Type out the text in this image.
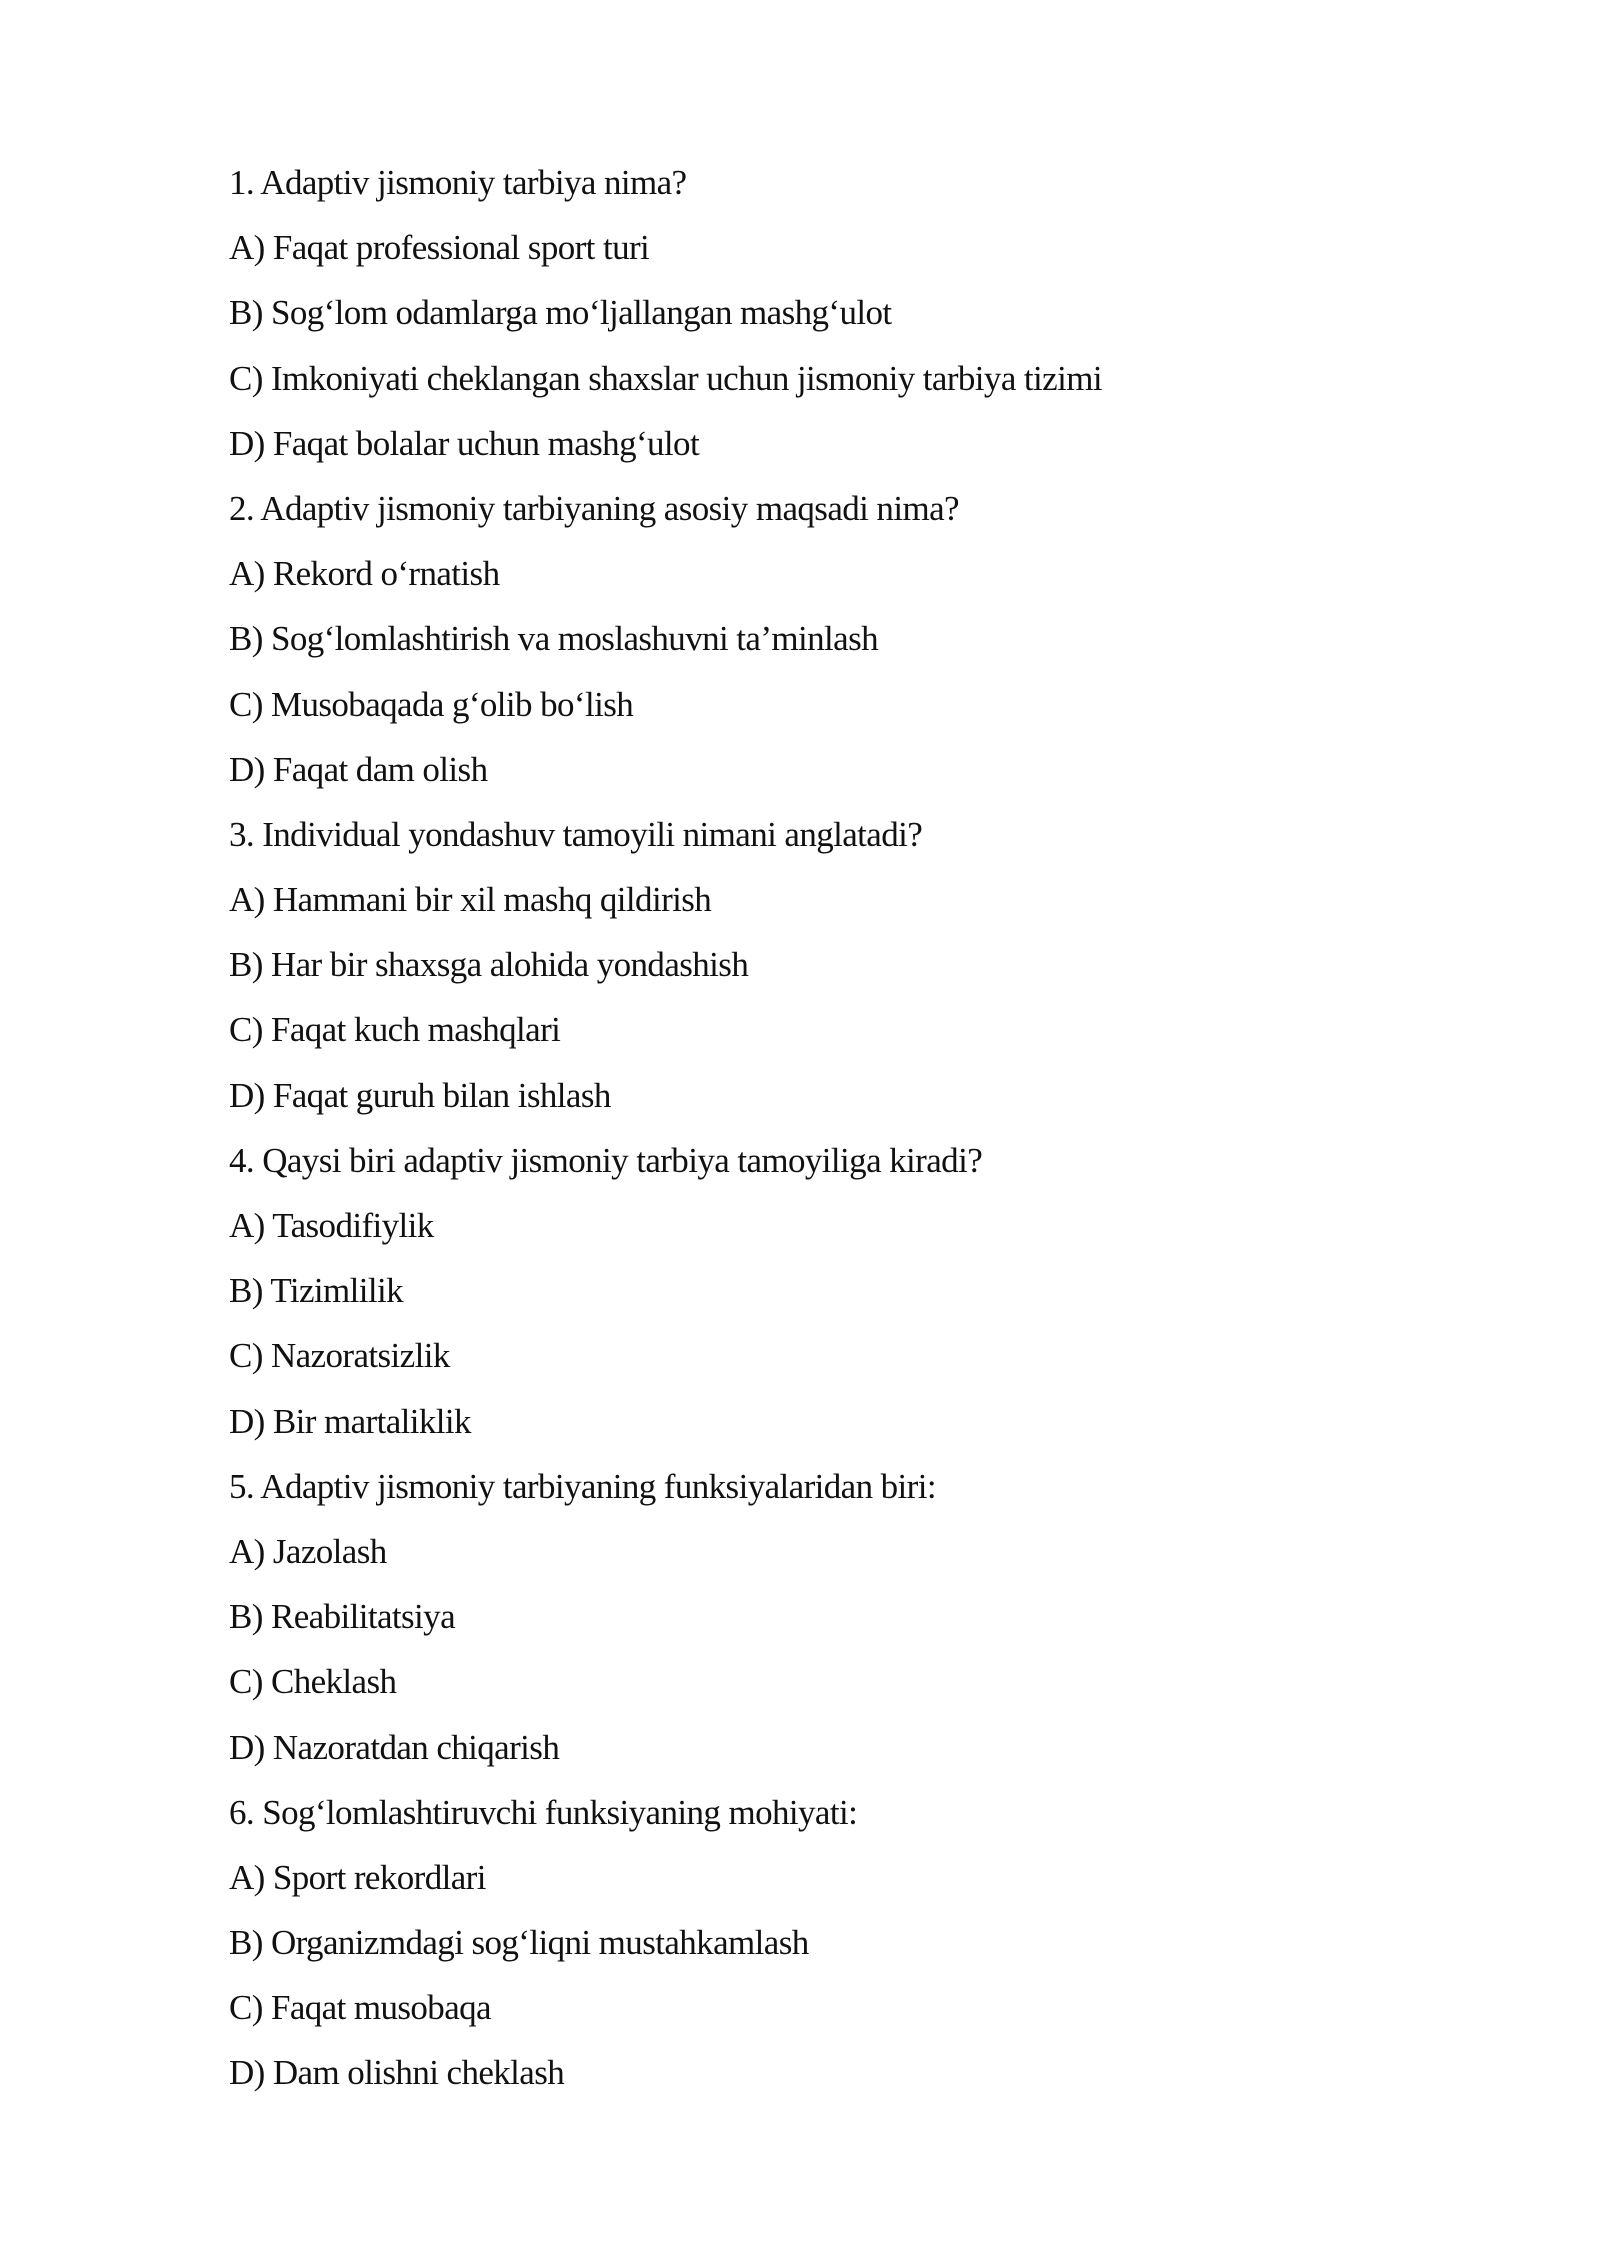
1. Adaptiv jismoniy tarbiya nima?
A) Faqat professional sport turi
B) Sog‘lom odamlarga mo‘ljallangan mashg‘ulot
C) Imkoniyati cheklangan shaxslar uchun jismoniy tarbiya tizimi
D) Faqat bolalar uchun mashg‘ulot
2. Adaptiv jismoniy tarbiyaning asosiy maqsadi nima?
A) Rekord o‘rnatish
B) Sog‘lomlashtirish va moslashuvni ta’minlash
C) Musobaqada g‘olib bo‘lish
D) Faqat dam olish
3. Individual yondashuv tamoyili nimani anglatadi?
A) Hammani bir xil mashq qildirish
B) Har bir shaxsga alohida yondashish
C) Faqat kuch mashqlari
D) Faqat guruh bilan ishlash
4. Qaysi biri adaptiv jismoniy tarbiya tamoyiliga kiradi?
A) Tasodifiylik
B) Tizimlilik
C) Nazoratsizlik
D) Bir martaliklik
5. Adaptiv jismoniy tarbiyaning funksiyalaridan biri:
A) Jazolash
B) Reabilitatsiya
C) Cheklash
D) Nazoratdan chiqarish
6. Sog‘lomlashtiruvchi funksiyaning mohiyati:
A) Sport rekordlari
B) Organizmdagi sog‘liqni mustahkamlash
C) Faqat musobaqa
D) Dam olishni cheklash
